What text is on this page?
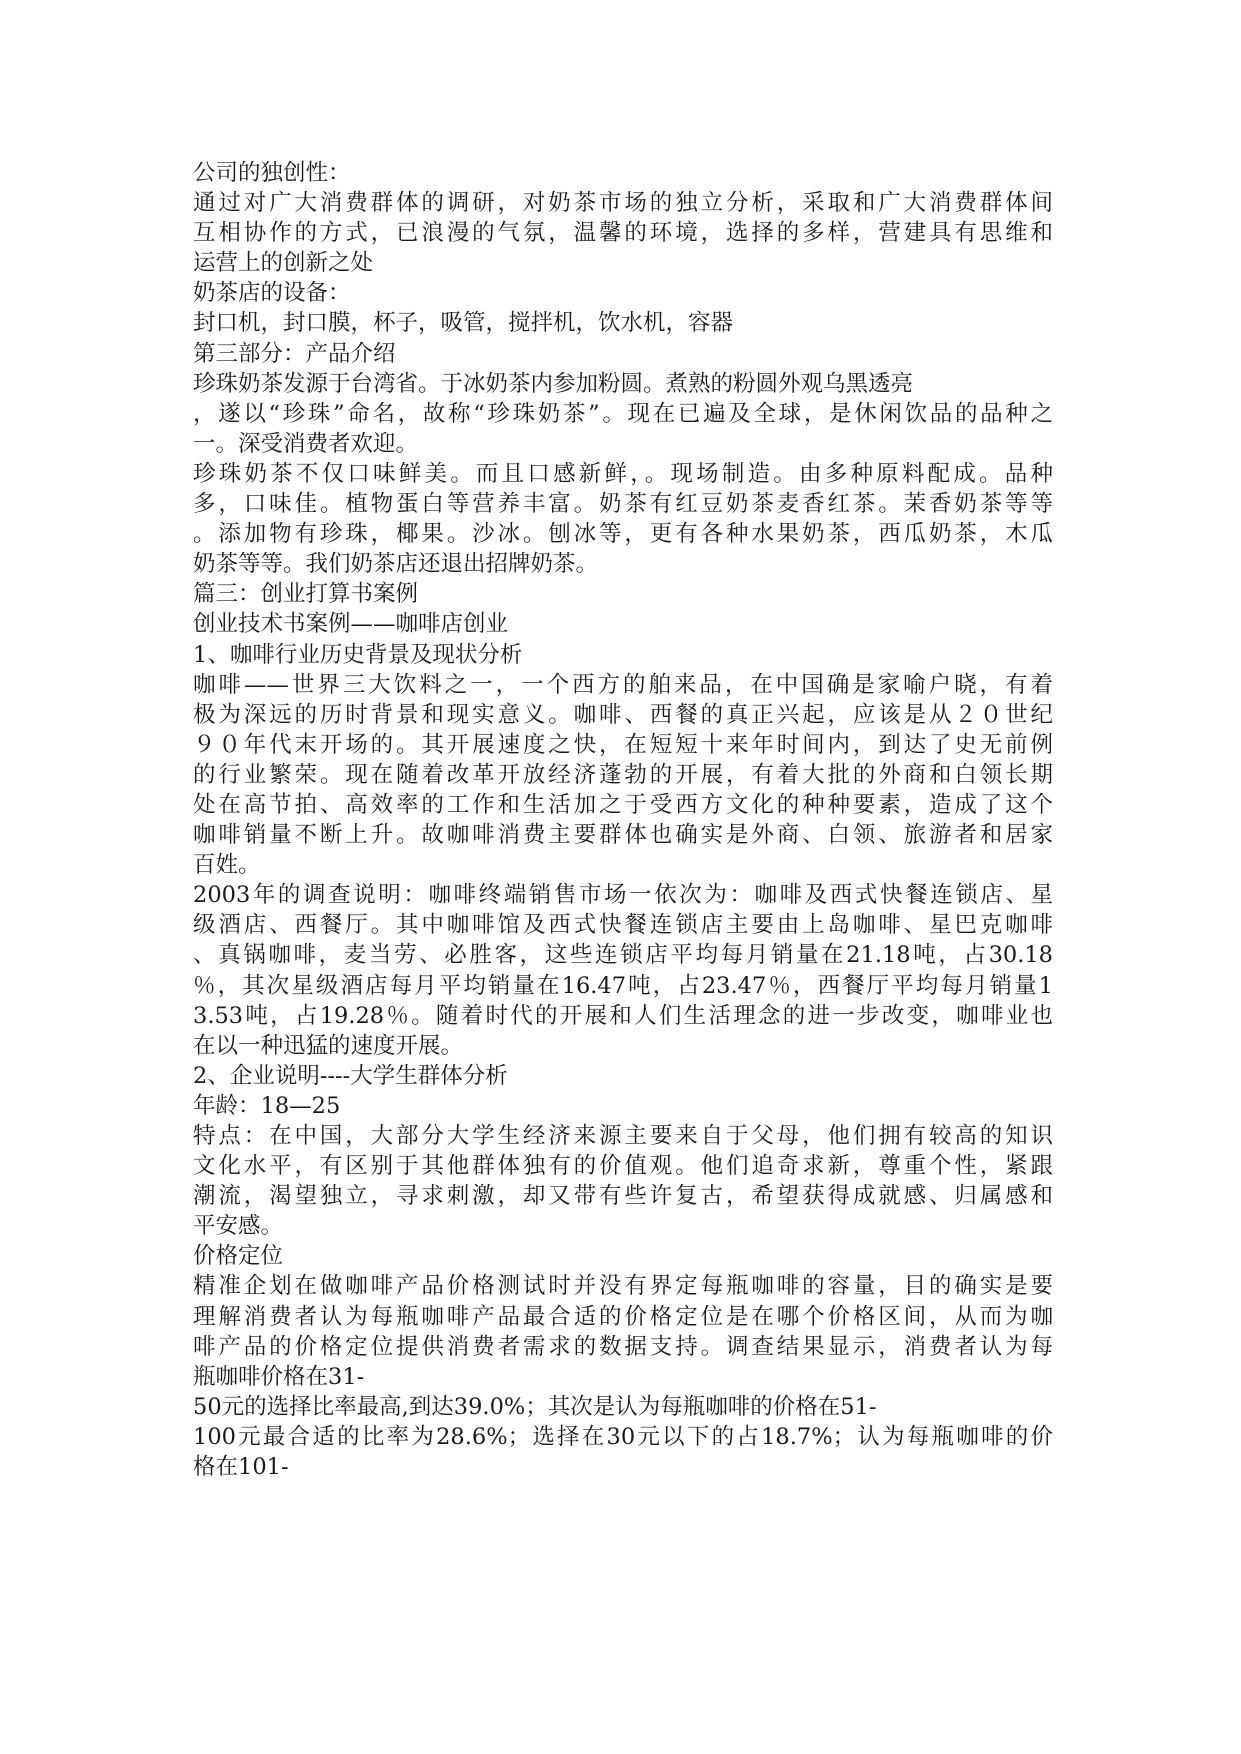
公司的独创性：
通过对广大消费群体的调研，对奶茶市场的独立分析，采取和广大消费群体间
互相协作的方式，已浪漫的气氛，温馨的环境，选择的多样，营建具有思维和
运营上的创新之处
奶茶店的设备：
封口机，封口膜，杯子，吸管，搅拌机，饮水机，容器
第三部分：产品介绍
珍珠奶茶发源于台湾省。于冰奶茶内参加粉圆。煮熟的粉圆外观乌黑透亮
，遂以“珍珠”命名，故称“珍珠奶茶”。现在已遍及全球，是休闲饮品的品种之
一。深受消费者欢迎。
珍珠奶茶不仅口味鲜美。而且口感新鲜，。现场制造。由多种原料配成。品种
多，口味佳。植物蛋白等营养丰富。奶茶有红豆奶茶麦香红茶。茉香奶茶等等
。添加物有珍珠，椰果。沙冰。刨冰等，更有各种水果奶茶，西瓜奶茶，木瓜
奶茶等等。我们奶茶店还退出招牌奶茶。
篇三：创业打算书案例
创业技术书案例——咖啡店创业
1、咖啡行业历史背景及现状分析
咖啡——世界三大饮料之一，一个西方的舶来品，在中国确是家喻户晓，有着
极为深远的历时背景和现实意义。咖啡、西餐的真正兴起，应该是从２０世纪
９０年代末开场的。其开展速度之快，在短短十来年时间内，到达了史无前例
的行业繁荣。现在随着改革开放经济蓬勃的开展，有着大批的外商和白领长期
处在高节拍、高效率的工作和生活加之于受西方文化的种种要素，造成了这个
咖啡销量不断上升。故咖啡消费主要群体也确实是外商、白领、旅游者和居家
百姓。
2003年的调查说明：咖啡终端销售市场一依次为：咖啡及西式快餐连锁店、星
级酒店、西餐厅。其中咖啡馆及西式快餐连锁店主要由上岛咖啡、星巴克咖啡
、真锅咖啡，麦当劳、必胜客，这些连锁店平均每月销量在21.18吨，占30.18
％，其次星级酒店每月平均销量在16.47吨，占23.47％，西餐厅平均每月销量1
3.53吨，占19.28％。随着时代的开展和人们生活理念的进一步改变，咖啡业也
在以一种迅猛的速度开展。
2、企业说明----大学生群体分析
年龄：18—25
特点：在中国，大部分大学生经济来源主要来自于父母，他们拥有较高的知识
文化水平，有区别于其他群体独有的价值观。他们追奇求新，尊重个性，紧跟
潮流，渴望独立，寻求刺激，却又带有些许复古，希望获得成就感、归属感和
平安感。
价格定位
精准企划在做咖啡产品价格测试时并没有界定每瓶咖啡的容量，目的确实是要
理解消费者认为每瓶咖啡产品最合适的价格定位是在哪个价格区间，从而为咖
啡产品的价格定位提供消费者需求的数据支持。调查结果显示，消费者认为每
瓶咖啡价格在31-
50元的选择比率最高,到达39.0%；其次是认为每瓶咖啡的价格在51-
100元最合适的比率为28.6%；选择在30元以下的占18.7%；认为每瓶咖啡的价
格在101-
